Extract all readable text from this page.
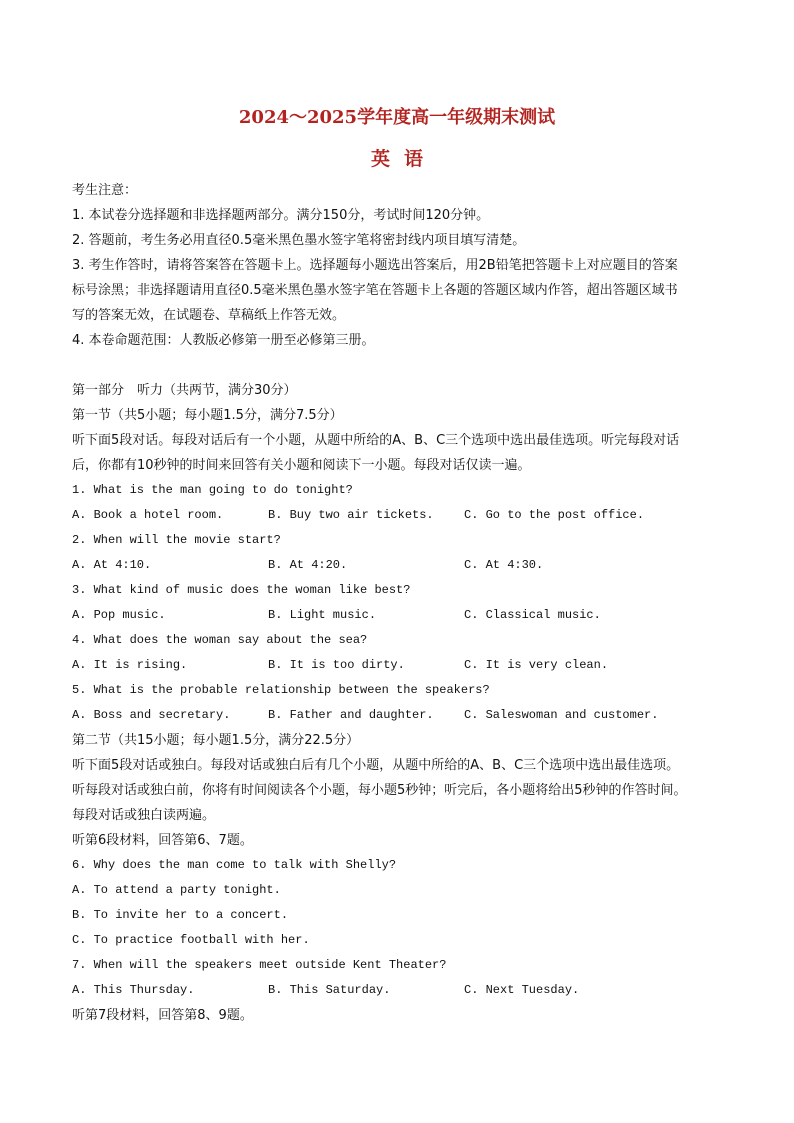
2024～2025学年度高一年级期末测试
英语
考生注意：
1. 本试卷分选择题和非选择题两部分。满分150分，考试时间120分钟。
2. 答题前，考生务必用直径0.5毫米黑色墨水签字笔将密封线内项目填写清楚。
3. 考生作答时，请将答案答在答题卡上。选择题每小题选出答案后，用2B铅笔把答题卡上对应题目的答案
标号涂黑；非选择题请用直径0.5毫米黑色墨水签字笔在答题卡上各题的答题区域内作答，超出答题区域书
写的答案无效，在试题卷、草稿纸上作答无效。
4. 本卷命题范围：人教版必修第一册至必修第三册。
第一部分　听力（共两节，满分30分）
第一节（共5小题；每小题1.5分，满分7.5分）
听下面5段对话。每段对话后有一个小题，从题中所给的A、B、C三个选项中选出最佳选项。听完每段对话
后，你都有10秒钟的时间来回答有关小题和阅读下一小题。每段对话仅读一遍。
1. What is the man going to do tonight?
A. Book a hotel room.	B. Buy two air tickets.	C. Go to the post office.
2. When will the movie start?
A. At 4:10.	B. At 4:20.	C. At 4:30.
3. What kind of music does the woman like best?
A. Pop music.	B. Light music.	C. Classical music.
4. What does the woman say about the sea?
A. It is rising.	B. It is too dirty.	C. It is very clean.
5. What is the probable relationship between the speakers?
A. Boss and secretary.	B. Father and daughter.	C. Saleswoman and customer.
第二节（共15小题；每小题1.5分，满分22.5分）
听下面5段对话或独白。每段对话或独白后有几个小题，从题中所给的A、B、C三个选项中选出最佳选项。
听每段对话或独白前，你将有时间阅读各个小题，每小题5秒钟；听完后，各小题将给出5秒钟的作答时间。
每段对话或独白读两遍。
听第6段材料，回答第6、7题。
6. Why does the man come to talk with Shelly?
A. To attend a party tonight.
B. To invite her to a concert.
C. To practice football with her.
7. When will the speakers meet outside Kent Theater?
A. This Thursday.	B. This Saturday.	C. Next Tuesday.
听第7段材料，回答第8、9题。
